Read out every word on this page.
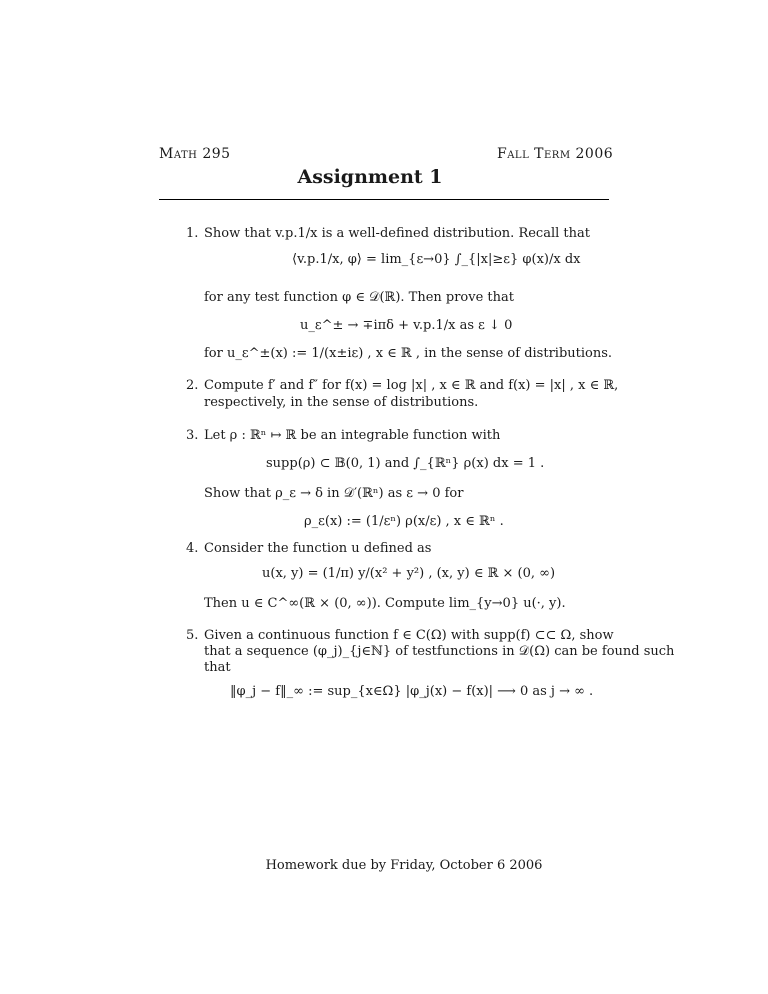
Math 295	Fall Term 2006
Assignment 1
1. Show that v.p.1/x is a well-defined distribution. Recall that
⟨v.p.1/x, φ⟩ = lim_{ε→0} ∫_{|x|≥ε} φ(x)/x dx
for any test function φ ∈ 𝒟(ℝ). Then prove that
u_ε^± → ∓iπδ + v.p.1/x as ε ↓ 0
for u_ε^±(x) := 1/(x±iε) , x ∈ ℝ , in the sense of distributions.
2. Compute f′ and f″ for f(x) = log |x| , x ∈ ℝ and f(x) = |x| , x ∈ ℝ,
respectively, in the sense of distributions.
3. Let ρ : ℝⁿ ↦ ℝ be an integrable function with
supp(ρ) ⊂ 𝔹(0, 1) and ∫_{ℝⁿ} ρ(x) dx = 1 .
Show that ρ_ε → δ in 𝒟′(ℝⁿ) as ε → 0 for
ρ_ε(x) := (1/εⁿ) ρ(x/ε) , x ∈ ℝⁿ .
4. Consider the function u defined as
u(x, y) = (1/π) y/(x² + y²) , (x, y) ∈ ℝ × (0, ∞)
Then u ∈ C^∞(ℝ × (0, ∞)). Compute lim_{y→0} u(·, y).
5. Given a continuous function f ∈ C(Ω) with supp(f) ⊂⊂ Ω, show
that a sequence (φ_j)_{j∈ℕ} of testfunctions in 𝒟(Ω) can be found such
that
‖φ_j − f‖_∞ := sup_{x∈Ω} |φ_j(x) − f(x)| ⟶ 0 as j → ∞ .
Homework due by Friday, October 6 2006
